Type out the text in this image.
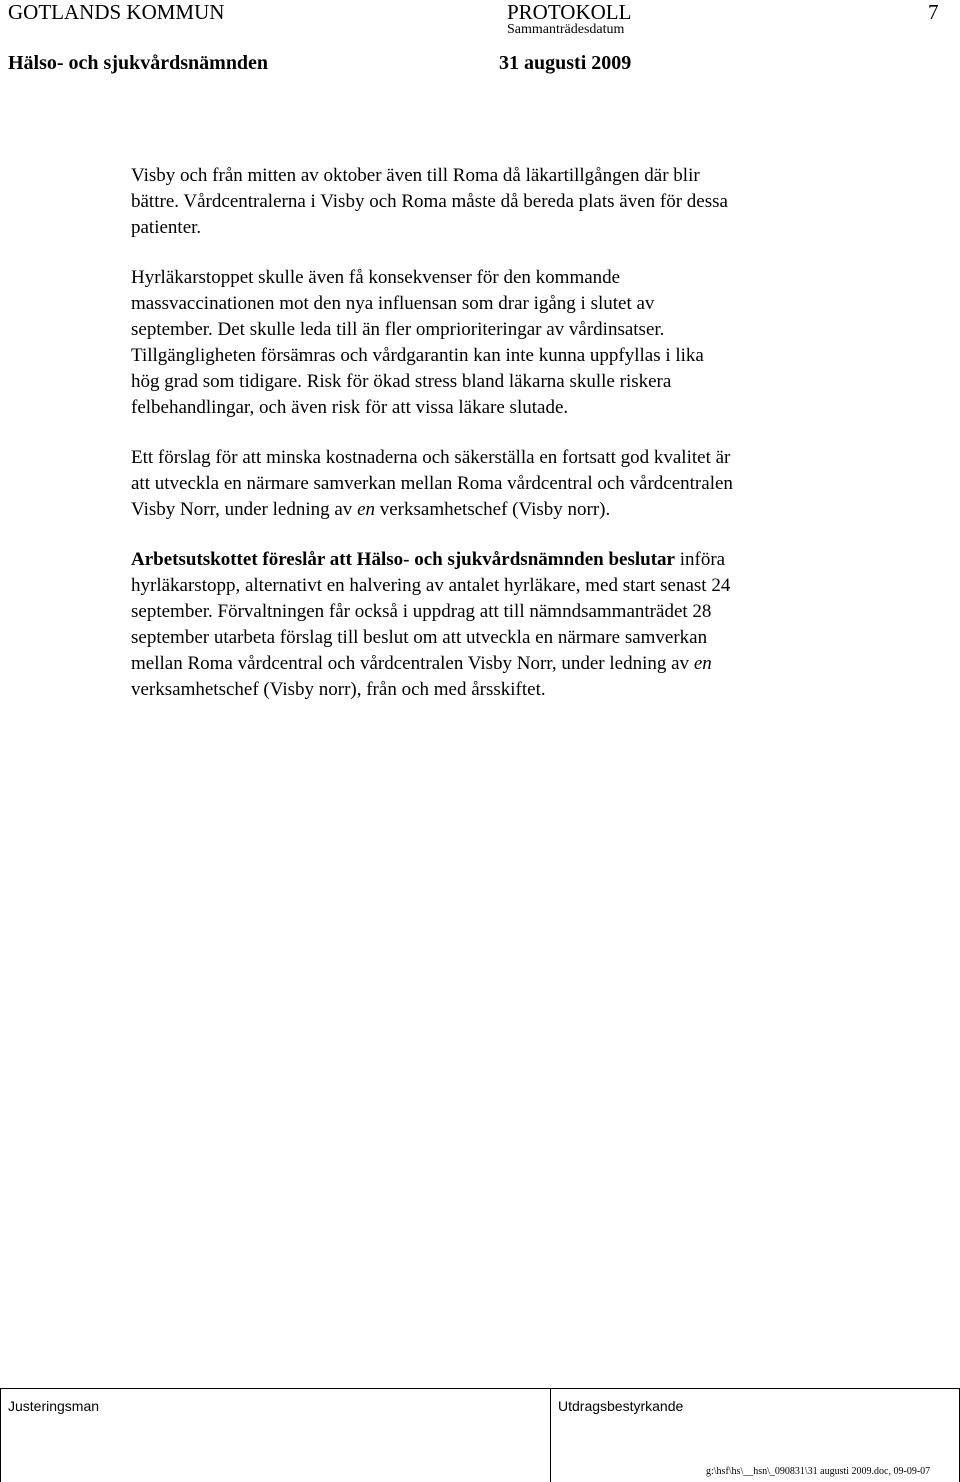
GOTLANDS KOMMUN	PROTOKOLL	7
Sammanträdesdatum
Hälso- och sjukvårdsnämnden	31 augusti 2009

Visby och från mitten av oktober även till Roma då läkartillgången där blir
bättre. Vårdcentralerna i Visby och Roma måste då bereda plats även för dessa
patienter.

Hyrläkarstoppet skulle även få konsekvenser för den kommande
massvaccinationen mot den nya influensan som drar igång i slutet av
september. Det skulle leda till än fler omprioriteringar av vårdinsatser.
Tillgängligheten försämras och vårdgarantin kan inte kunna uppfyllas i lika
hög grad som tidigare. Risk för ökad stress bland läkarna skulle riskera
felbehandlingar, och även risk för att vissa läkare slutade.

Ett förslag för att minska kostnaderna och säkerställa en fortsatt god kvalitet är
att utveckla en närmare samverkan mellan Roma vårdcentral och vårdcentralen
Visby Norr, under ledning av en verksamhetschef (Visby norr).

Arbetsutskottet föreslår att Hälso- och sjukvårdsnämnden beslutar införa
hyrläkarstopp, alternativt en halvering av antalet hyrläkare, med start senast 24
september. Förvaltningen får också i uppdrag att till nämndsammanträdet 28
september utarbeta förslag till beslut om att utveckla en närmare samverkan
mellan Roma vårdcentral och vårdcentralen Visby Norr, under ledning av en
verksamhetschef (Visby norr), från och med årsskiftet.

Justeringsman	Utdragsbestyrkande
g:\hsf\hs\__hsn\_090831\31 augusti 2009.doc, 09-09-07
